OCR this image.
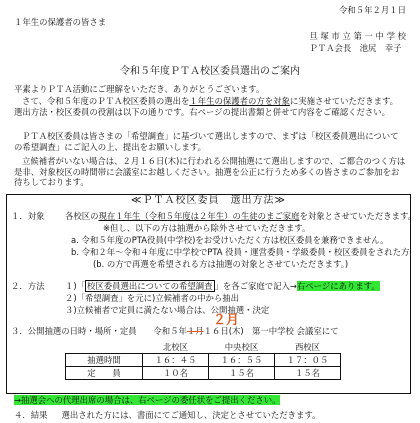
令和５年２月１日
１年生の保護者の皆さま
旦 塚 市 立 第 一 中 学 校
ＰＴＡ会長　池尻　幸子
令和５年度ＰＴＡ校区委員選出のご案内
平素よりＰＴＡ活動にご理解をいただき、ありがとうございます。
さて、令和５年度のＰＴＡ校区委員の選出を１年生の保護者の方を対象に実施させていただきます。選出方法・校区委員の役割は以下の通りです。右ページの提出書類と併せて内容をご確認ください。
ＰＴＡ校区委員は皆さまの「希望調査」に基づいて選出しますので、まずは「校区委員選出についての希望調査」にご記入の上、提出をお願いします。
立候補者がいない場合は、２月１６日(木)に行われる公開抽選にて選出しますので、ご都合のつく方は是非、対象校区の時間帯に会議室にお越しください。抽選を公正に行うため多くの皆さまのご参加をお待ちしております。
≪ＰＴＡ校区委員　選出方法≫
１．対象 各校区の現在１年生（令和５年度は２年生）の生徒のまご家庭を対象とさせていただきます。
※但し、以下の方は抽選から除外させていただきます。
a. 令和５年度のPTA役員(中学校)をお受けいただく方は校区委員を兼務できません。
b. 令和２年～令和４年度に中学校でPTA 役員・運営委員・学級委員・校区委員をされた方
(b. の方で再選を希望される方は抽選の対象とさせていただきます。)
２．方法 １)「 校区委員選出についての希望調査 」を各ご家庭で記入→右ページにあります。
２)「希望調査」を元に)立候補者の中から抽出
３)立候補者で定員に満たない場合は、公開抽選・決定
２月
３．公開抽選の日時・場所・定員　　令和５年１月１６日(木)　第一中学校 会議室にて
	北校区	中央校区	西校区
抽選時間	１６：４５	１６：５５	１７：０５
定　　員	１０名	１５名	１５名
→抽選会への代理出席の場合は、右ページの委任状をご提出ください。
４．結果 選出された方には、書面にてご通知し、決定とさせていただきます。
